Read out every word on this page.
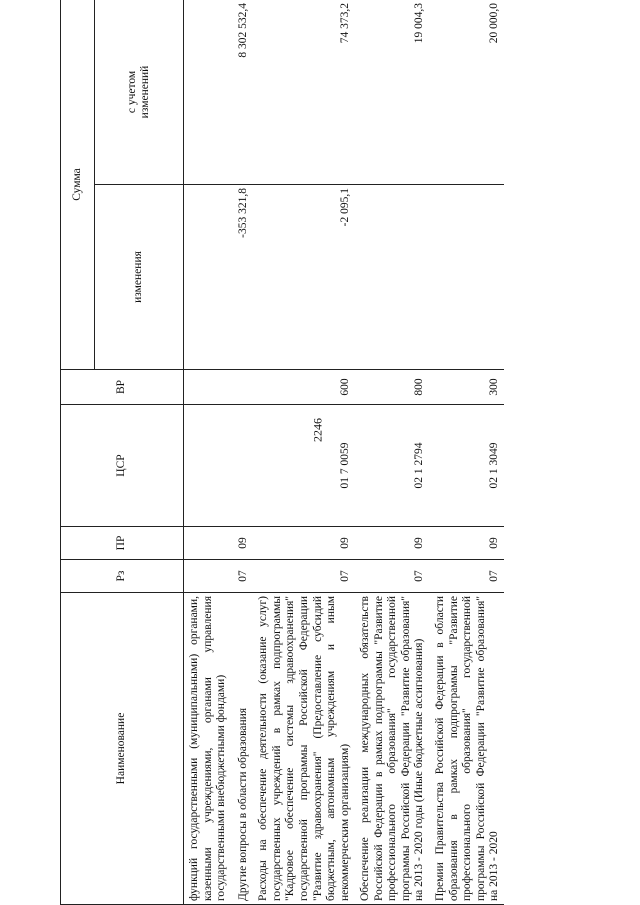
2246
Наименование	Рз	ПР	ЦСР	ВР	Сумма	
					изменения	с учетом изменений
функций государственными (муниципальными) органами, казенными учреждениями, органами управления государственными внебюджетными фондами)						
Другие вопросы в области образования	07	09			-353 321,8	8 302 532,4
Расходы на обеспечение деятельности (оказание услуг) государственных учреждений в рамках подпрограммы "Кадровое обеспечение системы здравоохранения" государственной программы Российской Федерации "Развитие здравоохранения" (Предоставление субсидий бюджетным, автономным учреждениям и иным некоммерческим организациям)	07	09	01 7 0059	600	-2 095,1	74 373,2
Обеспечение реализации международных обязательств Российской Федерации в рамках подпрограммы "Развитие профессионального образования" государственной программы Российской Федерации "Развитие образования" на 2013 - 2020 годы (Иные бюджетные ассигнования)	07	09	02 1 2794	800		19 004,3
Премии Правительства Российской Федерации в области образования в рамках подпрограммы "Развитие профессионального образования" государственной программы Российской Федерации "Развитие образования" на 2013 - 2020	07	09	02 1 3049	300		20 000,0
